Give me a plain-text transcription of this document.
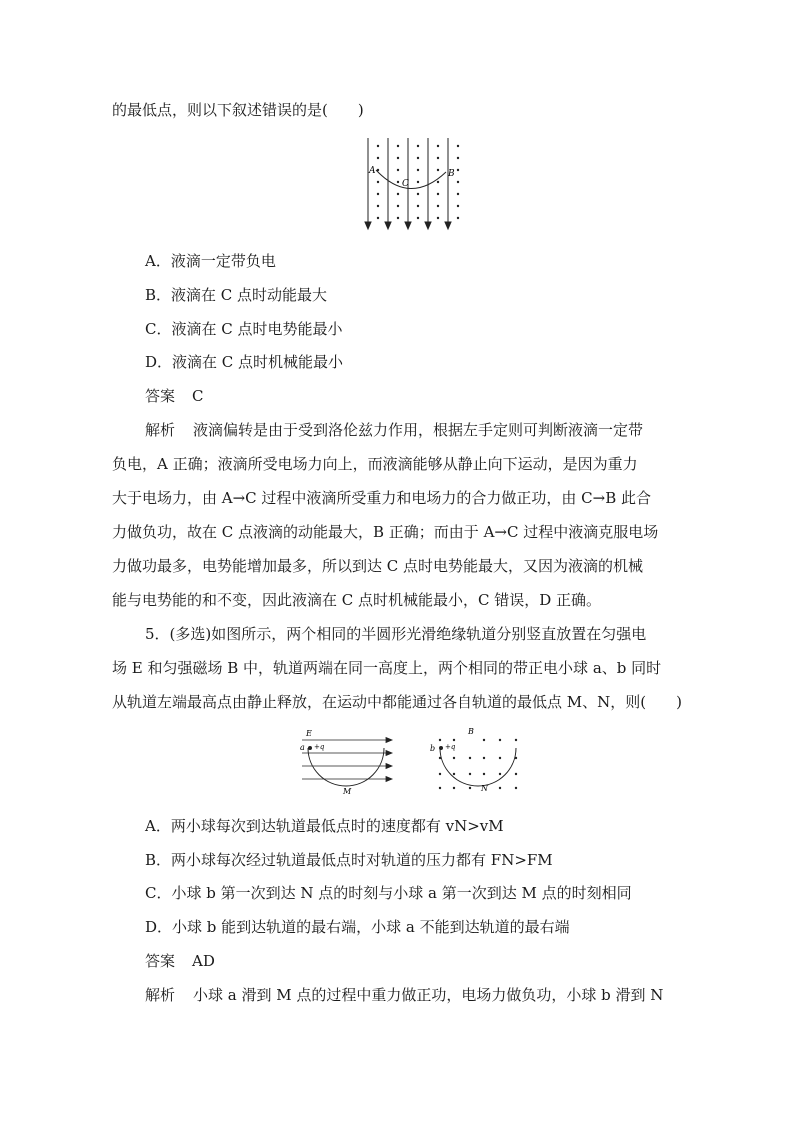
的最低点，则以下叙述错误的是(　　)
A	B
C
A．液滴一定带负电
B．液滴在 C 点时动能最大
C．液滴在 C 点时电势能最小
D．液滴在 C 点时机械能最小
答案 C
解析 液滴偏转是由于受到洛伦兹力作用，根据左手定则可判断液滴一定带
负电，A 正确；液滴所受电场力向上，而液滴能够从静止向下运动，是因为重力
大于电场力，由 A→C 过程中液滴所受重力和电场力的合力做正功，由 C→B 此合
力做负功，故在 C 点液滴的动能最大，B 正确；而由于 A→C 过程中液滴克服电场
力做功最多，电势能增加最多，所以到达 C 点时电势能最大，又因为液滴的机械
能与电势能的和不变，因此液滴在 C 点时机械能最小，C 错误，D 正确。
5．(多选)如图所示，两个相同的半圆形光滑绝缘轨道分别竖直放置在匀强电
场 E 和匀强磁场 B 中，轨道两端在同一高度上，两个相同的带正电小球 a、b 同时
从轨道左端最高点由静止释放，在运动中都能通过各自轨道的最低点 M、N，则(　　)
E
a +q
M
B
b +q
N
A．两小球每次到达轨道最低点时的速度都有 vN>vM
B．两小球每次经过轨道最低点时对轨道的压力都有 FN>FM
C．小球 b 第一次到达 N 点的时刻与小球 a 第一次到达 M 点的时刻相同
D．小球 b 能到达轨道的最右端，小球 a 不能到达轨道的最右端
答案 AD
解析 小球 a 滑到 M 点的过程中重力做正功，电场力做负功，小球 b 滑到 N
